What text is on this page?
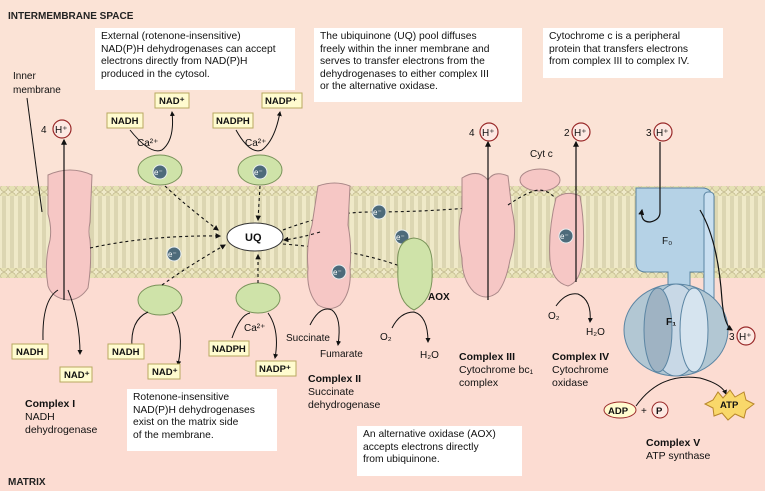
INTERMEMBRANE SPACE
MATRIX
Inner
membrane
4 H⁺
NADH
NAD⁺
Complex I
NADH
dehydrogenase
NADH
NAD⁺
Ca²⁺
e⁻
NADPH
NADP⁺
Ca²⁺
e⁻
UQ
e⁻
e⁻
e⁻
NADH
NAD⁺
Ca²⁺
NADPH
NADP⁺
e⁻
Succinate
Fumarate
Complex II
Succinate
dehydrogenase
AOX
O₂
H₂O
4 H⁺
Complex III
Cytochrome bc₁
complex
Cyt c
e⁻
2 H⁺
O₂
H₂O
Complex IV
Cytochrome
oxidase
F₀
F₁
3 H⁺
3 H⁺
ADP + P
ATP
Complex V
ATP synthase
External (rotenone-insensitive)
NAD(P)H dehydrogenases can accept
electrons directly from NAD(P)H
produced in the cytosol.
The ubiquinone (UQ) pool diffuses
freely within the inner membrane and
serves to transfer electrons from the
dehydrogenases to either complex III
or the alternative oxidase.
Cytochrome c is a peripheral
protein that transfers electrons
from complex III to complex IV.
Rotenone-insensitive
NAD(P)H dehydrogenases
exist on the matrix side
of the membrane.	An alternative oxidase (AOX)
accepts electrons directly
from ubiquinone.
